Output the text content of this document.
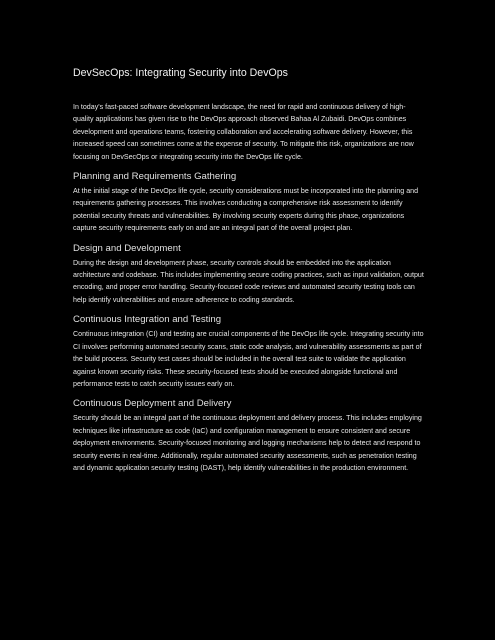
DevSecOps: Integrating Security into DevOps

In today's fast-paced software development landscape, the need for rapid and continuous delivery of high-quality applications has given rise to the DevOps approach observed Bahaa Al Zubaidi. DevOps combines development and operations teams, fostering collaboration and accelerating software delivery. However, this increased speed can sometimes come at the expense of security. To mitigate this risk, organizations are now focusing on DevSecOps or integrating security into the DevOps life cycle.

Planning and Requirements Gathering

At the initial stage of the DevOps life cycle, security considerations must be incorporated into the planning and requirements gathering processes. This involves conducting a comprehensive risk assessment to identify potential security threats and vulnerabilities. By involving security experts during this phase, organizations capture security requirements early on and are an integral part of the overall project plan.

Design and Development

During the design and development phase, security controls should be embedded into the application architecture and codebase. This includes implementing secure coding practices, such as input validation, output encoding, and proper error handling. Security-focused code reviews and automated security testing tools can help identify vulnerabilities and ensure adherence to coding standards.

Continuous Integration and Testing

Continuous integration (CI) and testing are crucial components of the DevOps life cycle. Integrating security into CI involves performing automated security scans, static code analysis, and vulnerability assessments as part of the build process. Security test cases should be included in the overall test suite to validate the application against known security risks. These security-focused tests should be executed alongside functional and performance tests to catch security issues early on.

Continuous Deployment and Delivery

Security should be an integral part of the continuous deployment and delivery process. This includes employing techniques like infrastructure as code (IaC) and configuration management to ensure consistent and secure deployment environments. Security-focused monitoring and logging mechanisms help to detect and respond to security events in real-time. Additionally, regular automated security assessments, such as penetration testing and dynamic application security testing (DAST), help identify vulnerabilities in the production environment.
